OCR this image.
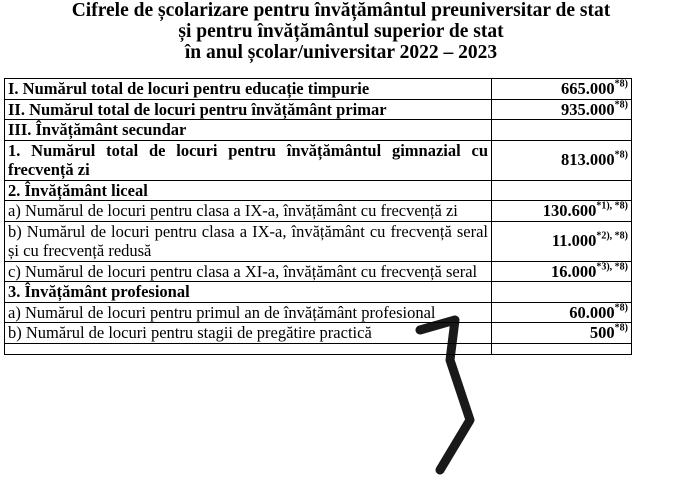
Cifrele de școlarizare pentru învățământul preuniversitar de stat
și pentru învățământul superior de stat
în anul școlar/universitar 2022 – 2023
I. Numărul total de locuri pentru educație timpurie	665.000$^{*8)}$
II. Numărul total de locuri pentru învățământ primar	935.000$^{*8)}$
III. Învățământ secundar	
1. Numărul total de locuri pentru învățământul gimnazial cu frecvență zi	813.000$^{*8)}$
2. Învățământ liceal	
a) Numărul de locuri pentru clasa a IX-a, învățământ cu frecvență zi	$130.600^{*1), *8)}$
b) Numărul de locuri pentru clasa a IX-a, învățământ cu frecvență seral și cu frecvență redusă	$11.000^{*2), *8)}$
c) Numărul de locuri pentru clasa a XI-a, învățământ cu frecvență seral	$16.000^{*3), *8)}$
3. Învățământ profesional	
a) Numărul de locuri pentru primul an de învățământ profesional	60.000$^{*8)}$
b) Numărul de locuri pentru stagii de pregătire practică	500$^{*8)}$
